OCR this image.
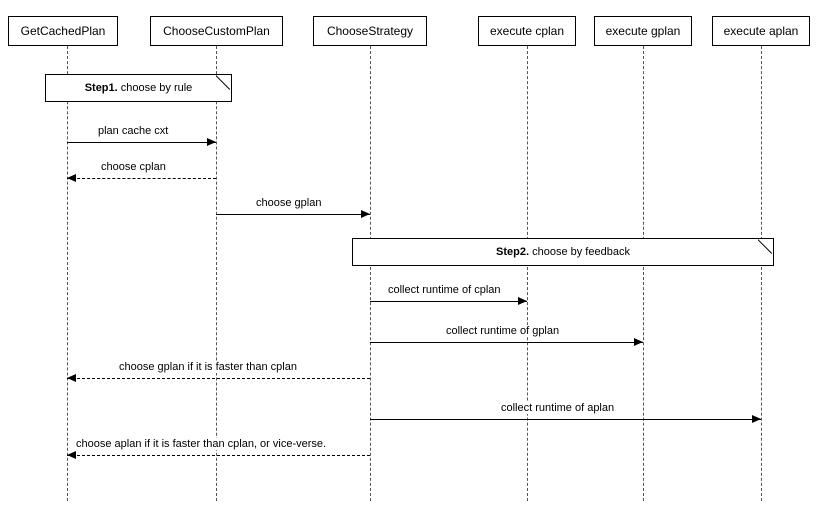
GetCachedPlan	ChooseCustomPlan	ChooseStrategy	execute cplan	execute gplan	execute aplan
Step1. choose by rule
plan cache cxt
choose cplan
choose gplan
Step2. choose by feedback
collect runtime of cplan
collect runtime of gplan
choose gplan if it is faster than cplan
collect runtime of aplan
choose aplan if it is faster than cplan, or vice-verse.
